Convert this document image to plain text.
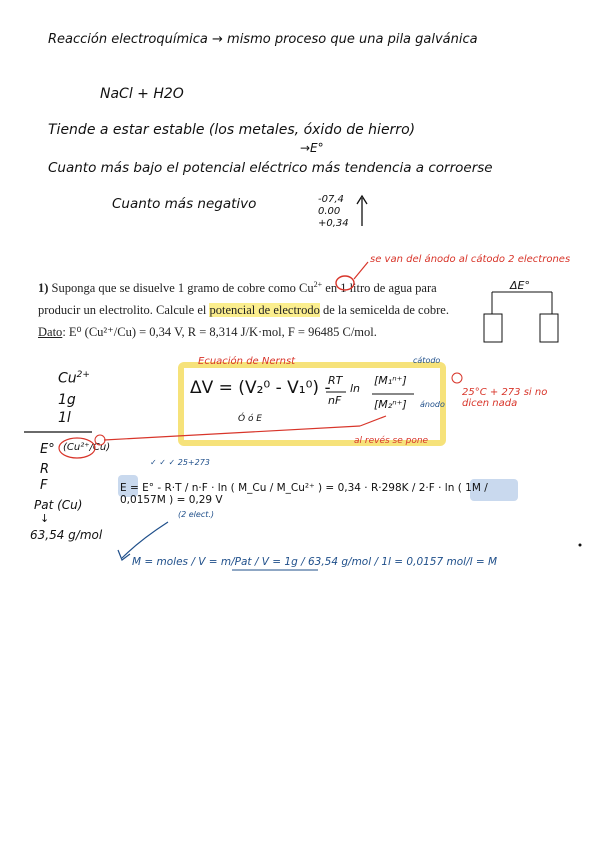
Reacción electroquímica → mismo proceso que una pila galvánica
NaCl + H2O
Tiende a estar estable (los metales, óxido de hierro)
→E°
Cuanto más bajo el potencial eléctrico más tendencia a corroerse
Cuanto más negativo	-07,4
0.00
+0,34
se van del ánodo al cátodo 2 electrones
ΔE°
1) Suponga que se disuelve 1 gramo de cobre como $Cu^{2+}$ en 1 litro de agua para producir un electrolito. Calcule el potencial de electrodo de la semicelda de cobre.
Dato: E⁰ (Cu²⁺/Cu) = 0,34 V, R = 8,314 J/K·mol, F = 96485 C/mol.
$Cu^{2+}$
1g
1l
E° (Cu²⁺/Cu)
R
F
Pat (Cu)
↓
63,54 g/mol
Ecuación de Nernst
ΔV = (V₂⁰ - V₁⁰) -
RT
nF
ln
[M₁ⁿ⁺]
[M₂ⁿ⁺]
cátodo
ánodo
Ó ó E
25°C + 273 si no dicen nada
al revés se pone
E = E° - R·T / n·F · ln ( M_Cu / M_Cu²⁺ ) = 0,34 · R·298K / 2·F · ln ( 1M / 0,0157M ) = 0,29 V
✓ ✓ ✓ 25+273
(2 elect.)
M = moles / V = m/Pat / V = 1g / 63,54 g/mol / 1l = 0,0157 mol/l = M
